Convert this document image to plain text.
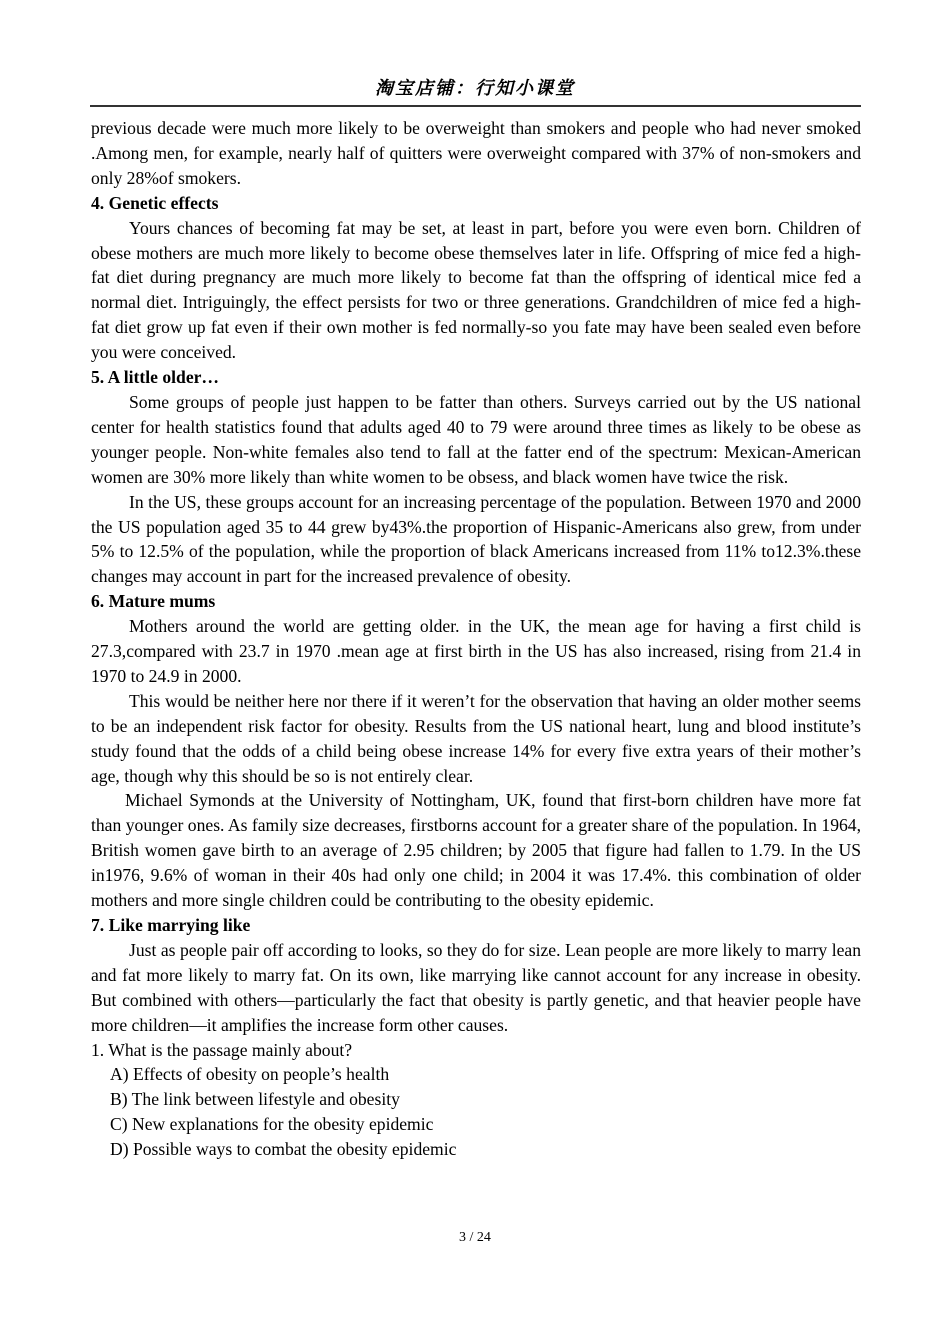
淘宝店铺：行知小课堂

previous decade were much more likely to be overweight than smokers and people who had never smoked .Among men, for example, nearly half of quitters were overweight compared with 37% of non-smokers and only 28%of smokers.

4. Genetic effects

Yours chances of becoming fat may be set, at least in part, before you were even born. Children of obese mothers are much more likely to become obese themselves later in life. Offspring of mice fed a high-fat diet during pregnancy are much more likely to become fat than the offspring of identical mice fed a normal diet. Intriguingly, the effect persists for two or three generations. Grandchildren of mice fed a high-fat diet grow up fat even if their own mother is fed normally-so you fate may have been sealed even before you were conceived.

5. A little older…

Some groups of people just happen to be fatter than others. Surveys carried out by the US national center for health statistics found that adults aged 40 to 79 were around three times as likely to be obese as younger people. Non-white females also tend to fall at the fatter end of the spectrum: Mexican-American women are 30% more likely than white women to be obsess, and black women have twice the risk.

In the US, these groups account for an increasing percentage of the population. Between 1970 and 2000 the US population aged 35 to 44 grew by43%.the proportion of Hispanic-Americans also grew, from under 5% to 12.5% of the population, while the proportion of black Americans increased from 11% to12.3%.these changes may account in part for the increased prevalence of obesity.

6. Mature mums

Mothers around the world are getting older. in the UK, the mean age for having a first child is 27.3,compared with 23.7 in 1970 .mean age at first birth in the US has also increased, rising from 21.4 in 1970 to 24.9 in 2000.

This would be neither here nor there if it weren’t for the observation that having an older mother seems to be an independent risk factor for obesity. Results from the US national heart, lung and blood institute’s study found that the odds of a child being obese increase 14% for every five extra years of their mother’s age, though why this should be so is not entirely clear.

Michael Symonds at the University of Nottingham, UK, found that first-born children have more fat than younger ones. As family size decreases, firstborns account for a greater share of the population. In 1964, British women gave birth to an average of 2.95 children; by 2005 that figure had fallen to 1.79. In the US in1976, 9.6% of woman in their 40s had only one child; in 2004 it was 17.4%. this combination of older mothers and more single children could be contributing to the obesity epidemic.

7. Like marrying like

Just as people pair off according to looks, so they do for size. Lean people are more likely to marry lean and fat more likely to marry fat. On its own, like marrying like cannot account for any increase in obesity. But combined with others—particularly the fact that obesity is partly genetic, and that heavier people have more children—it amplifies the increase form other causes.

1. What is the passage mainly about?

A) Effects of obesity on people’s health

B) The link between lifestyle and obesity

C) New explanations for the obesity epidemic

D) Possible ways to combat the obesity epidemic

3 / 24
